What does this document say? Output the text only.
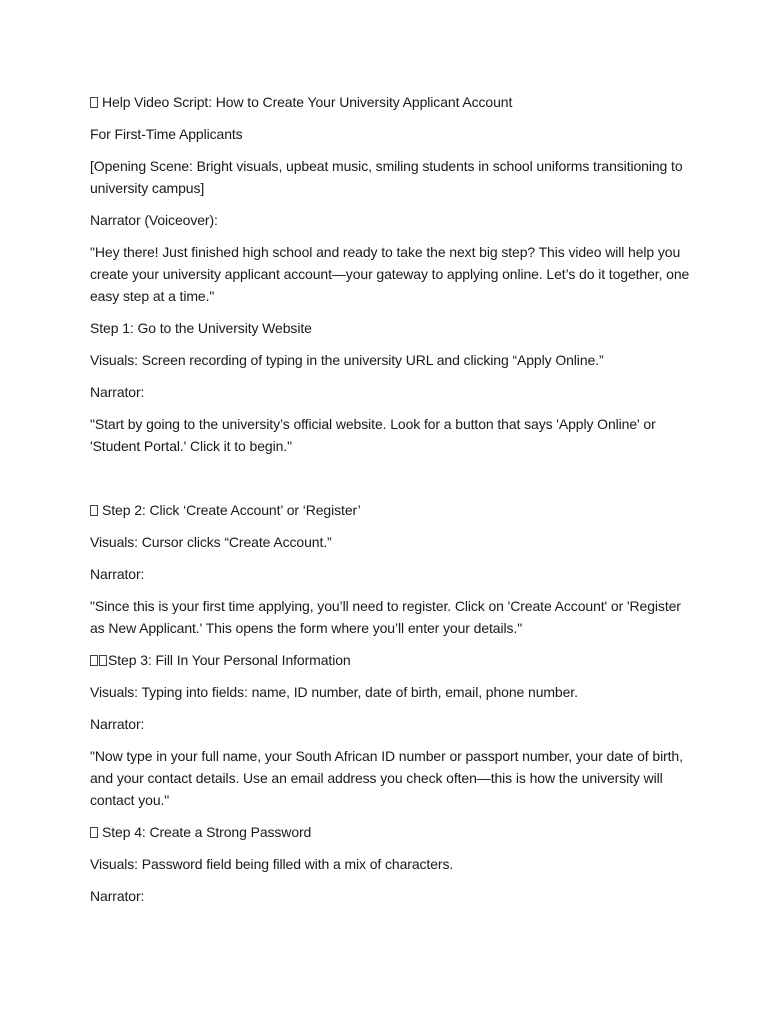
Help Video Script: How to Create Your University Applicant Account

For First-Time Applicants

[Opening Scene: Bright visuals, upbeat music, smiling students in school uniforms transitioning to university campus]

Narrator (Voiceover):

"Hey there! Just finished high school and ready to take the next big step? This video will help you create your university applicant account—your gateway to applying online. Let’s do it together, one easy step at a time."

Step 1: Go to the University Website

Visuals: Screen recording of typing in the university URL and clicking “Apply Online.”

Narrator:

"Start by going to the university’s official website. Look for a button that says 'Apply Online' or 'Student Portal.' Click it to begin."

Step 2: Click ‘Create Account’ or ‘Register’

Visuals: Cursor clicks “Create Account.”

Narrator:

"Since this is your first time applying, you’ll need to register. Click on 'Create Account' or 'Register as New Applicant.' This opens the form where you’ll enter your details."

Step 3: Fill In Your Personal Information

Visuals: Typing into fields: name, ID number, date of birth, email, phone number.

Narrator:

"Now type in your full name, your South African ID number or passport number, your date of birth, and your contact details. Use an email address you check often—this is how the university will contact you."

Step 4: Create a Strong Password

Visuals: Password field being filled with a mix of characters.

Narrator:
